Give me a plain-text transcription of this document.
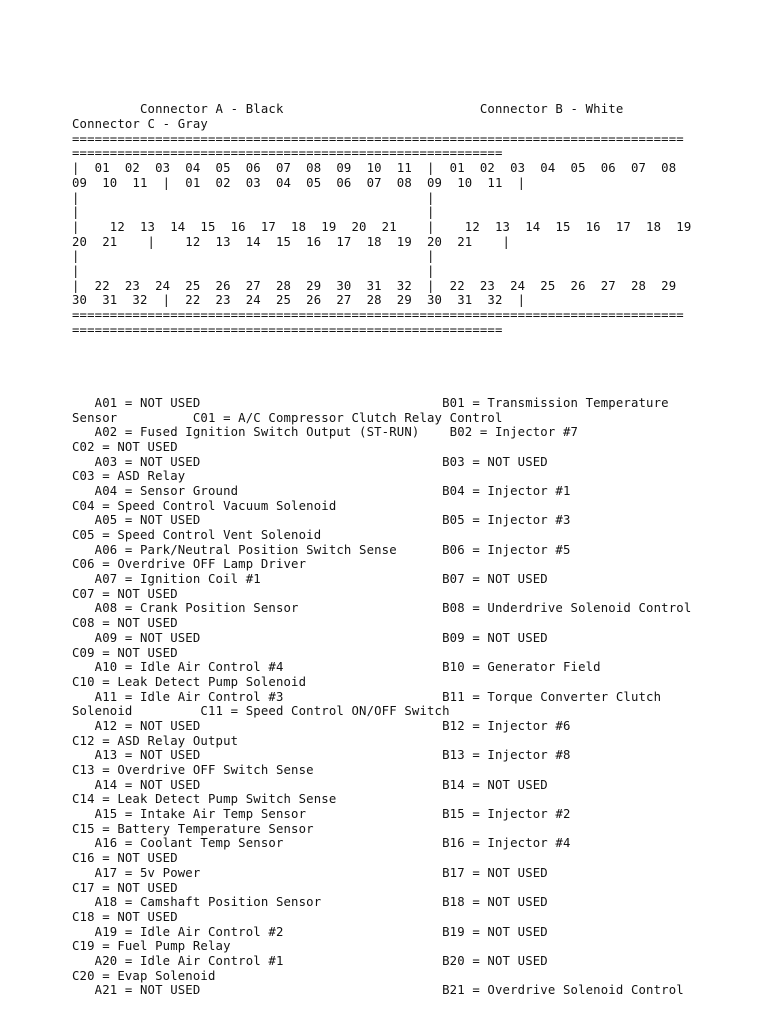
Connector A - Black                          Connector B - White
Connector C - Gray
=================================================================================
=========================================================
|  01  02  03  04  05  06  07  08  09  10  11  |  01  02  03  04  05  06  07  08
09  10  11  |  01  02  03  04  05  06  07  08  09  10  11  |
|                                              |
|                                              |
|    12  13  14  15  16  17  18  19  20  21    |    12  13  14  15  16  17  18  19
20  21    |    12  13  14  15  16  17  18  19  20  21    |
|                                              |
|                                              |
|  22  23  24  25  26  27  28  29  30  31  32  |  22  23  24  25  26  27  28  29
30  31  32  |  22  23  24  25  26  27  28  29  30  31  32  |
=================================================================================
=========================================================

A01 = NOT USED                                B01 = Transmission Temperature
Sensor          C01 = A/C Compressor Clutch Relay Control
A02 = Fused Ignition Switch Output (ST-RUN)    B02 = Injector #7
C02 = NOT USED
A03 = NOT USED                                B03 = NOT USED
C03 = ASD Relay
A04 = Sensor Ground                           B04 = Injector #1
C04 = Speed Control Vacuum Solenoid
A05 = NOT USED                                B05 = Injector #3
C05 = Speed Control Vent Solenoid
A06 = Park/Neutral Position Switch Sense      B06 = Injector #5
C06 = Overdrive OFF Lamp Driver
A07 = Ignition Coil #1                        B07 = NOT USED
C07 = NOT USED
A08 = Crank Position Sensor                   B08 = Underdrive Solenoid Control
C08 = NOT USED
A09 = NOT USED                                B09 = NOT USED
C09 = NOT USED
A10 = Idle Air Control #4                     B10 = Generator Field
C10 = Leak Detect Pump Solenoid
A11 = Idle Air Control #3                     B11 = Torque Converter Clutch
Solenoid         C11 = Speed Control ON/OFF Switch
A12 = NOT USED                                B12 = Injector #6
C12 = ASD Relay Output
A13 = NOT USED                                B13 = Injector #8
C13 = Overdrive OFF Switch Sense
A14 = NOT USED                                B14 = NOT USED
C14 = Leak Detect Pump Switch Sense
A15 = Intake Air Temp Sensor                  B15 = Injector #2
C15 = Battery Temperature Sensor
A16 = Coolant Temp Sensor                     B16 = Injector #4
C16 = NOT USED
A17 = 5v Power                                B17 = NOT USED
C17 = NOT USED
A18 = Camshaft Position Sensor                B18 = NOT USED
C18 = NOT USED
A19 = Idle Air Control #2                     B19 = NOT USED
C19 = Fuel Pump Relay
A20 = Idle Air Control #1                     B20 = NOT USED
C20 = Evap Solenoid
A21 = NOT USED                                B21 = Overdrive Solenoid Control
